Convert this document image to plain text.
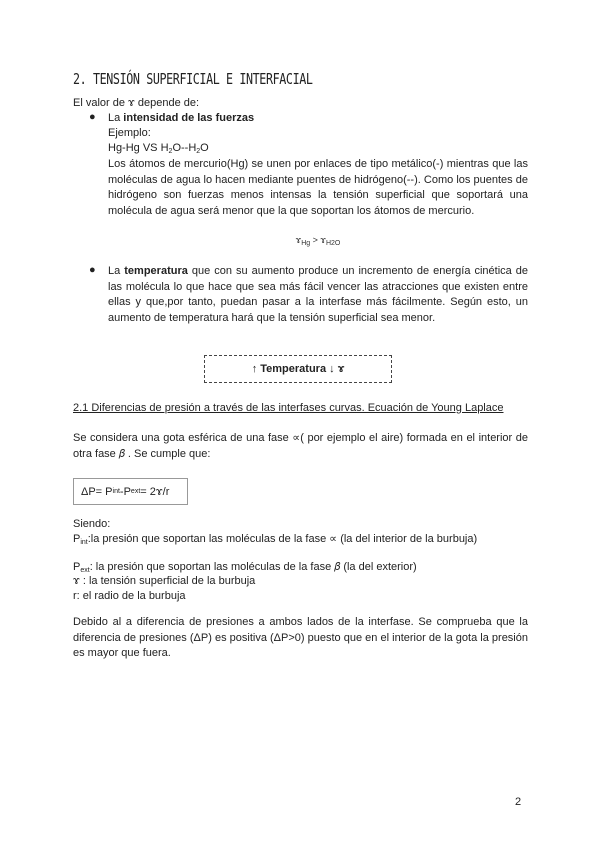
2. TENSIÓN SUPERFICIAL E INTERFACIAL
El valor de ɤ depende de:
● La intensidad de las fuerzas
Ejemplo:
Hg-Hg VS $H_2O--H_2O$
Los átomos de mercurio(Hg) se unen por enlaces de tipo metálico(-) mientras que las moléculas de agua lo hacen mediante puentes de hidrógeno(--). Como los puentes de hidrógeno son fuerzas menos intensas la tensión superficial que soportará una molécula de agua será menor que la que soportan los átomos de mercurio.
ɤ$_{Hg}$ > ɤ$_{H2O}$
● La temperatura que con su aumento produce un incremento de energía cinética de las molécula lo que hace que sea más fácil vencer las atracciones que existen entre ellas y que,por tanto, puedan pasar a la interfase más fácilmente. Según esto, un aumento de temperatura hará que la tensión superficial sea menor.
↑ Temperatura ↓ ɤ
2.1 Diferencias de presión a través de las interfases curvas. Ecuación de Young Laplace
Se considera una gota esférica de una fase ∝( por ejemplo el aire) formada en el interior de otra fase 𝛽 . Se cumple que:
ΔP= P int -P ext = 2ɤ/r
Siendo:
$P_{int}:la$ presión que soportan las moléculas de la fase ∝ (la del interior de la burbuja)
$P_{ext}$: la presión que soportan las moléculas de la fase 𝛽 (la del exterior)
ɤ : la tensión superficial de la burbuja
r: el radio de la burbuja
Debido al a diferencia de presiones a ambos lados de la interfase. Se comprueba que la diferencia de presiones (ΔP) es positiva (ΔP>0) puesto que en el interior de la gota la presión es mayor que fuera.
2
